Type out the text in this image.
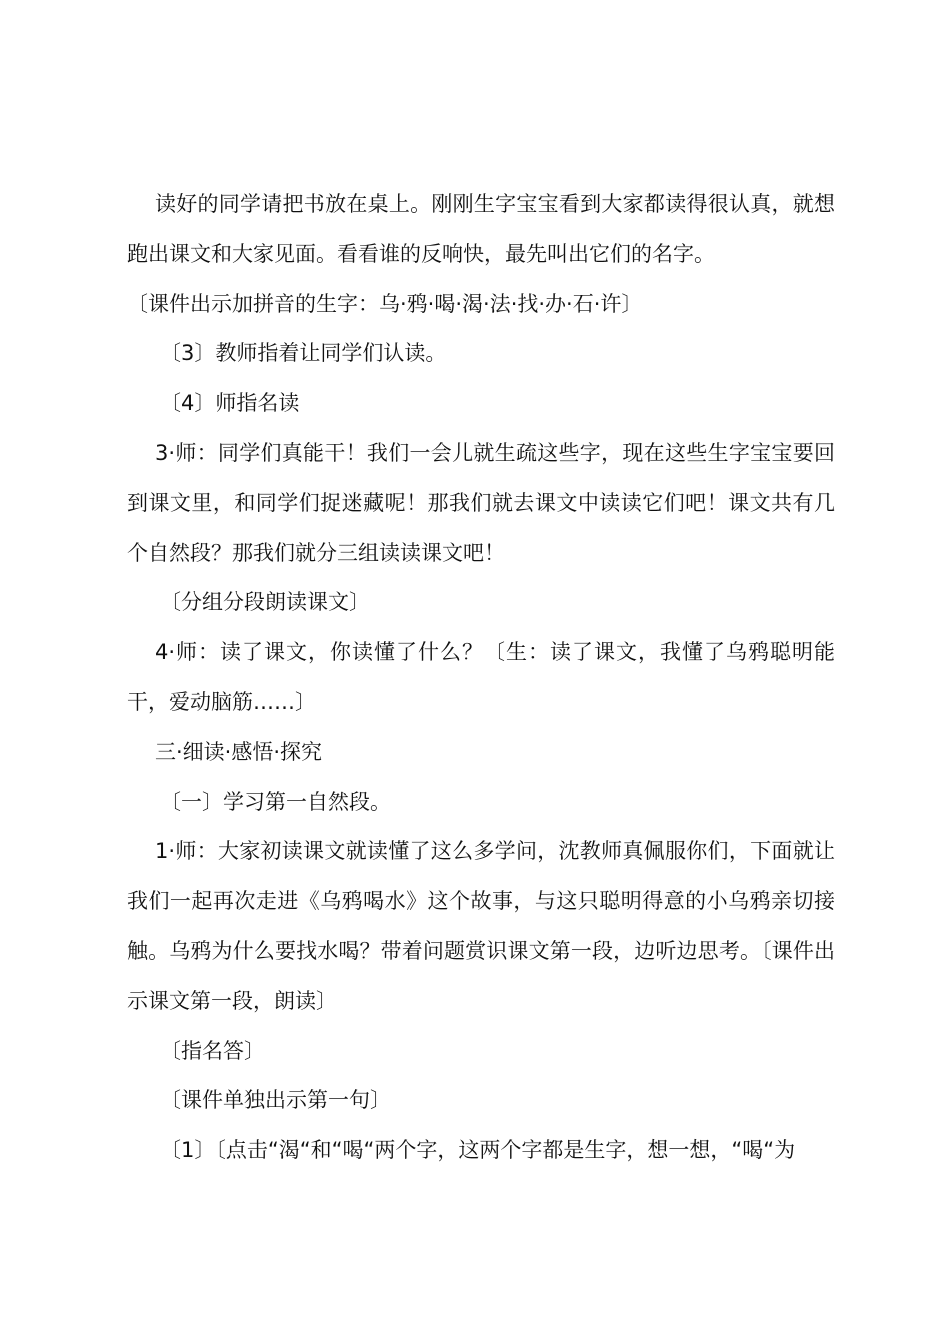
读好的同学请把书放在桌上。刚刚生字宝宝看到大家都读得很认真，就想跑出课文和大家见面。看看谁的反响快，最先叫出它们的名字。

〔课件出示加拼音的生字：乌·鸦·喝·渴·法·找·办·石·许〕

〔3〕教师指着让同学们认读。

〔4〕师指名读

3·师：同学们真能干！我们一会儿就生疏这些字，现在这些生字宝宝要回到课文里，和同学们捉迷藏呢！那我们就去课文中读读它们吧！课文共有几个自然段？那我们就分三组读读课文吧！

〔分组分段朗读课文〕

4·师：读了课文，你读懂了什么？〔生：读了课文，我懂了乌鸦聪明能干，爱动脑筋……〕

三·细读·感悟·探究

〔一〕学习第一自然段。

1·师：大家初读课文就读懂了这么多学问，沈教师真佩服你们，下面就让我们一起再次走进《乌鸦喝水》这个故事，与这只聪明得意的小乌鸦亲切接触。乌鸦为什么要找水喝？带着问题赏识课文第一段，边听边思考。〔课件出示课文第一段，朗读〕

〔指名答〕

〔课件单独出示第一句〕

〔1〕〔点击“渴“和“喝“两个字，这两个字都是生字，想一想，“喝“为
